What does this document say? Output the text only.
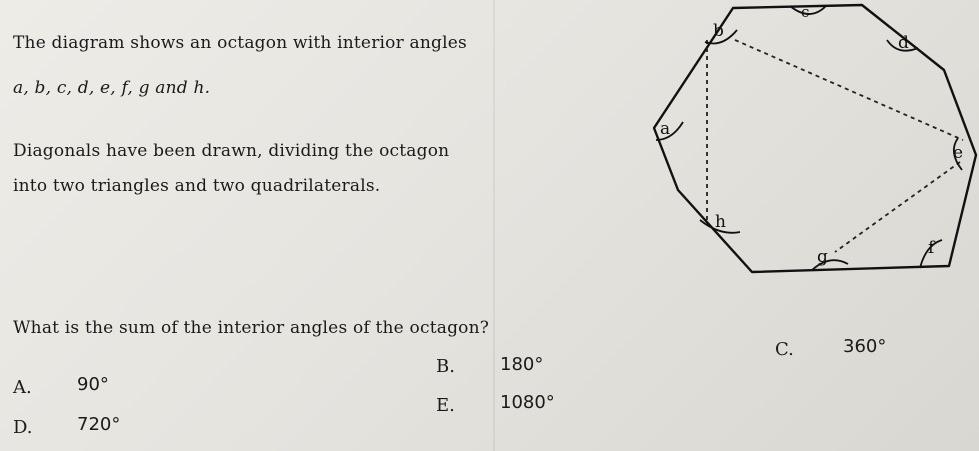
The diagram shows an octagon with interior angles
a, b, c, d, e, f, g and h.
Diagonals have been drawn, dividing the octagon
into two triangles and two quadrilaterals.
What is the sum of the interior angles of the octagon?
A.	90°
B.	180°
C.	360°
D. 720°
E.	1080°
a
b
c
d
e
f
g
h
